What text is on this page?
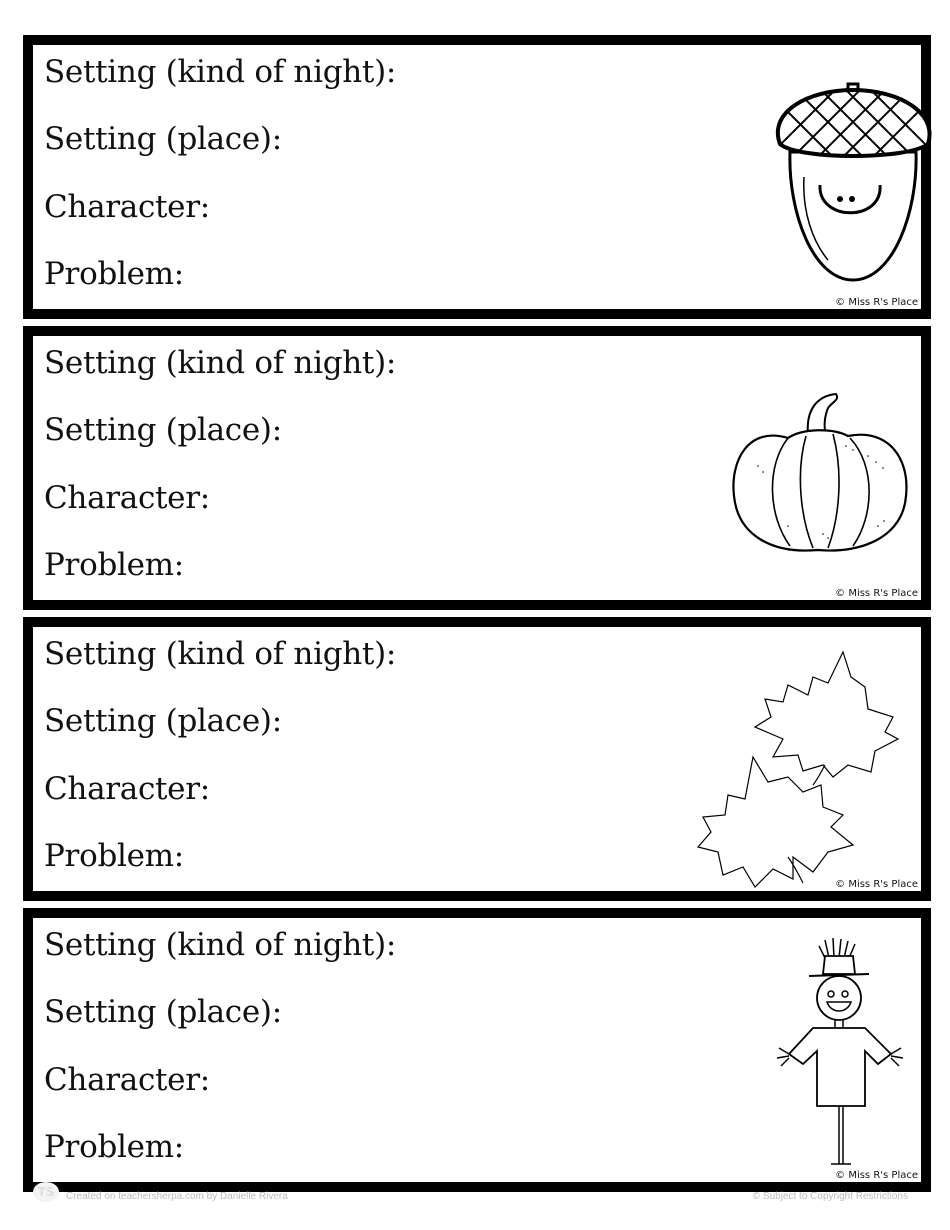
Setting (kind of night):
Setting (place):
Character:
Problem:
© Miss R's Place
Setting (kind of night):
Setting (place):
Character:
Problem:
© Miss R's Place
Setting (kind of night):
Setting (place):
Character:
Problem:
© Miss R's Place
Setting (kind of night):
Setting (place):
Character:
Problem:
© Miss R's Place
TS	Created on teachersherpa.com by Danielle Rivera	© Subject to Copyright Restrictions
